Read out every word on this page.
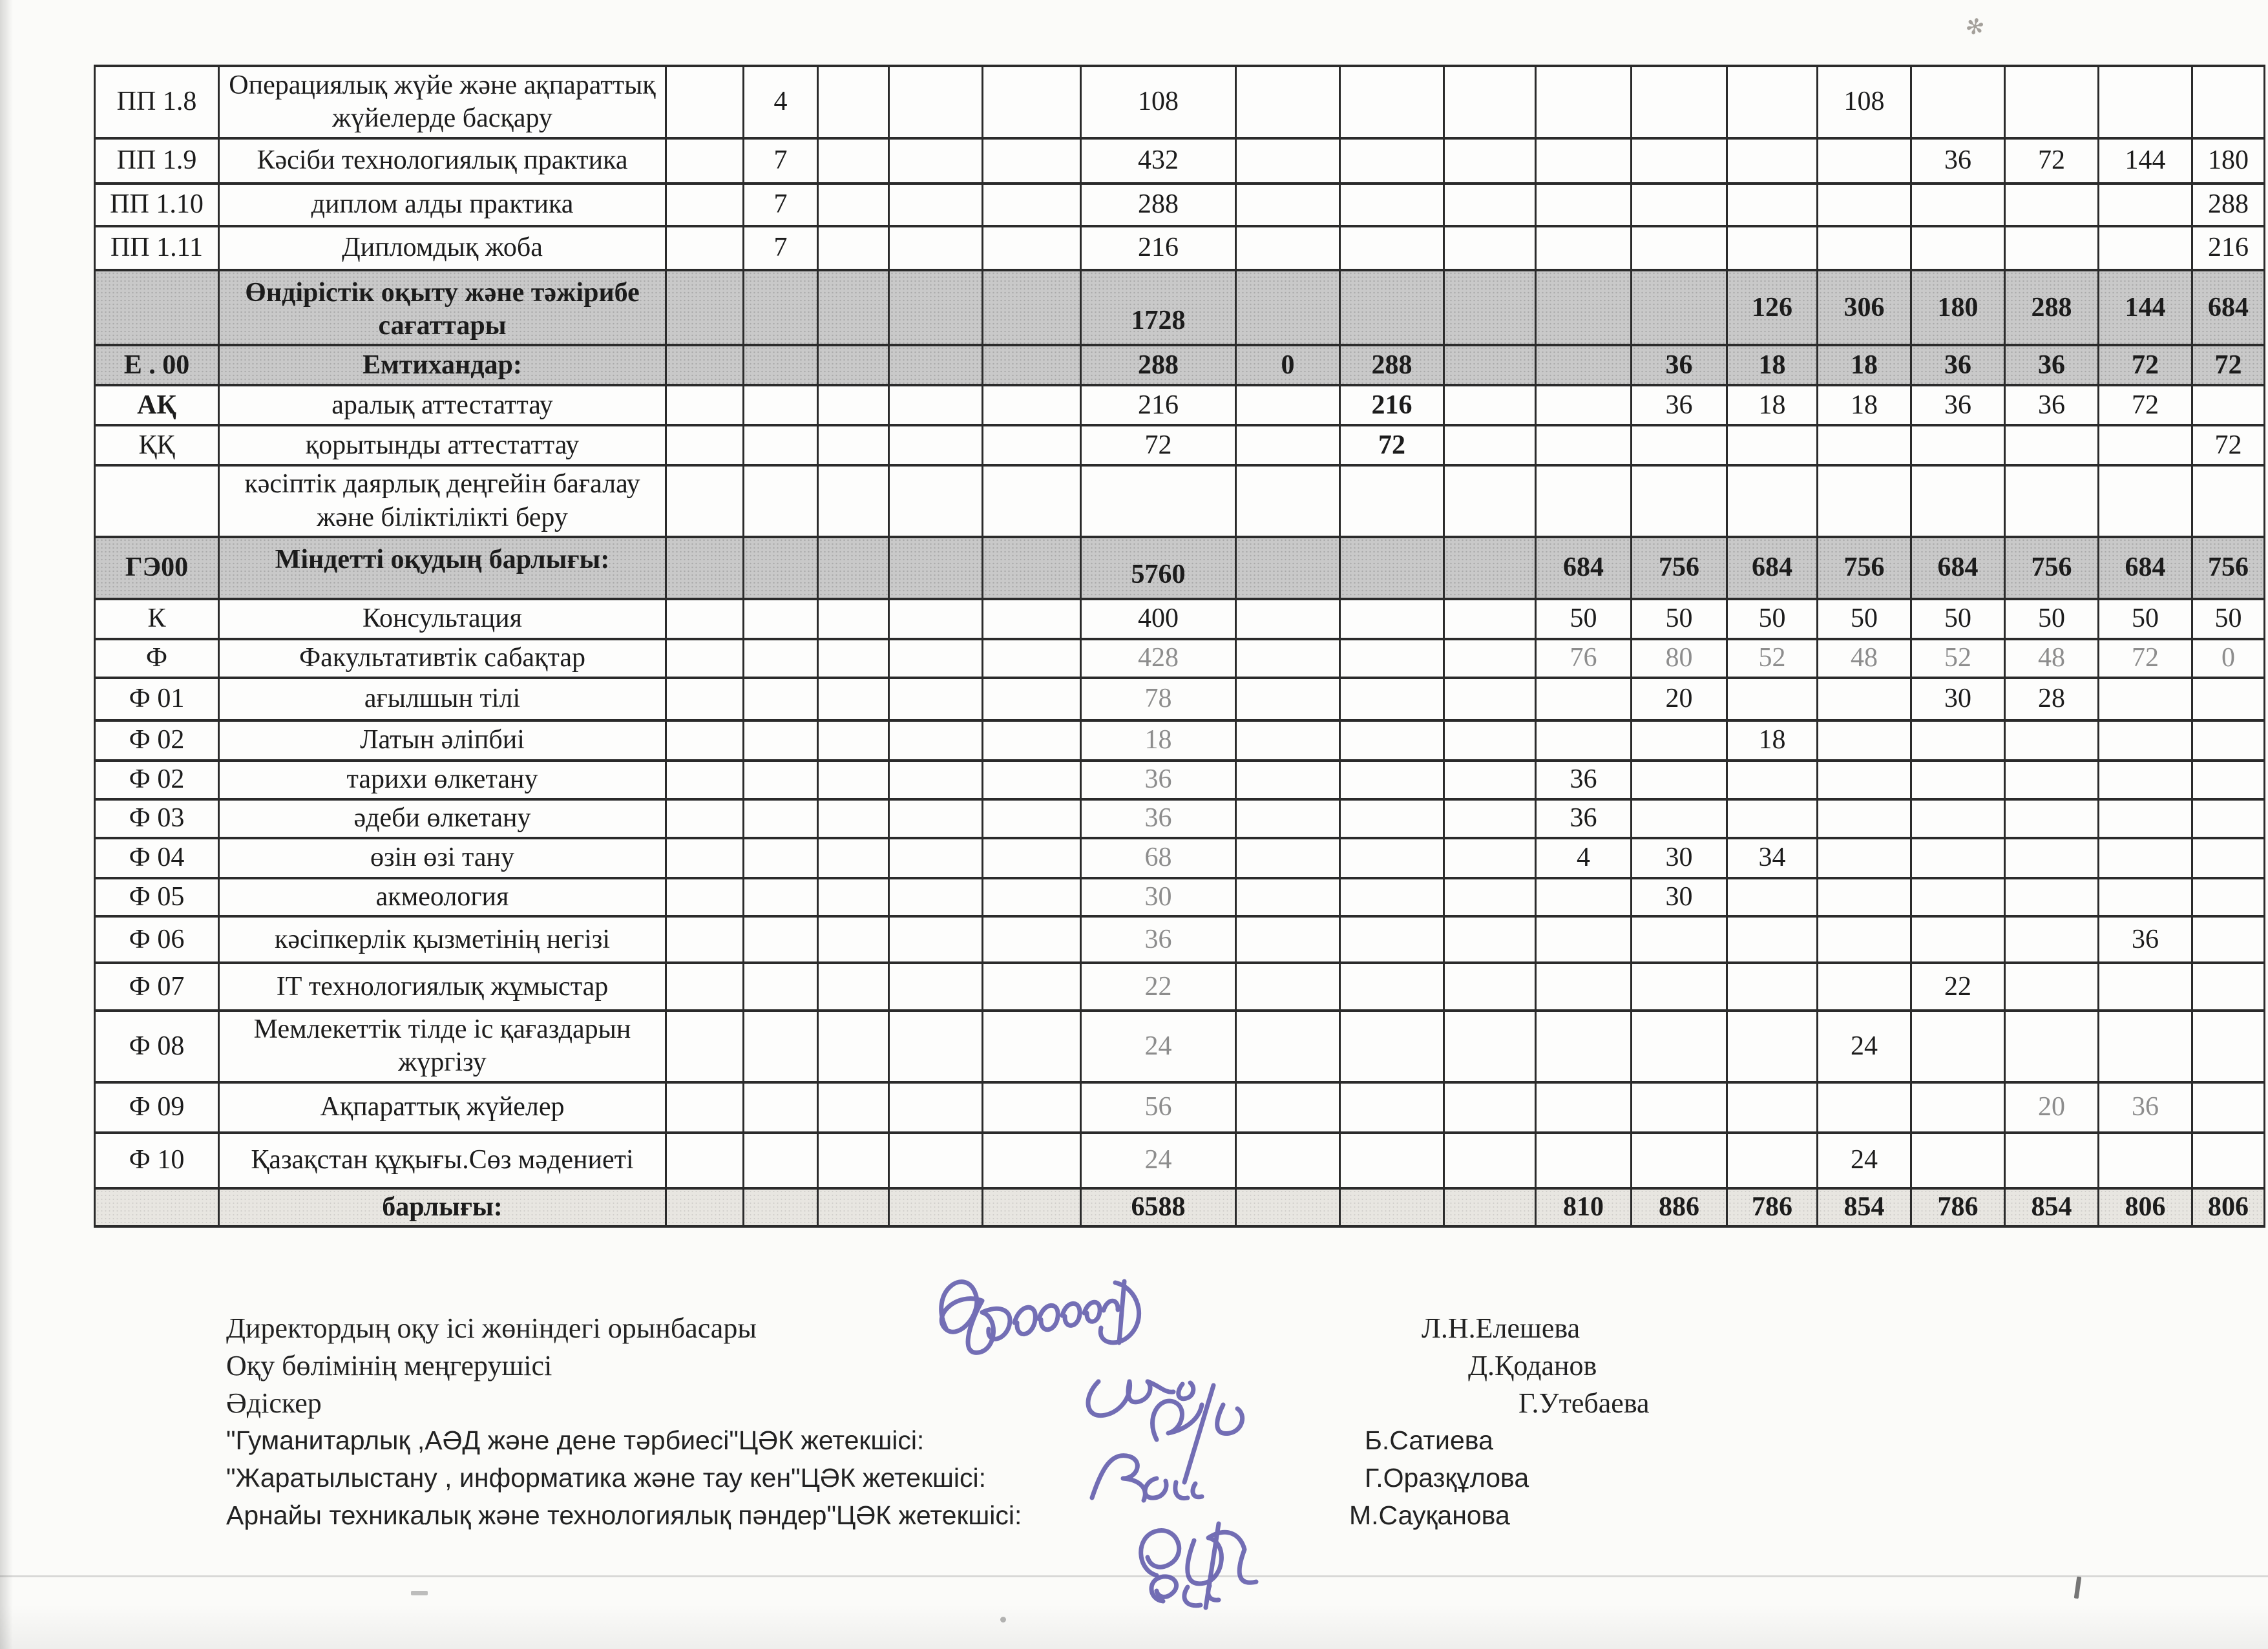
✻
ПП 1.8	Операциялық жүйе және ақпараттық жүйелерде басқару		4				108							108				
ПП 1.9	Кәсіби технологиялық практика		7				432								36	72	144	180
ПП 1.10	диплом алды практика		7				288											288
ПП 1.11	Дипломдық жоба		7				216											216
	Өндірістік оқыту және тәжірибе сағаттары						1728						126	306	180	288	144	684
Е . 00	Емтихандар:						288	0	288			36	18	18	36	36	72	72
АҚ	аралық аттестаттау						216		216			36	18	18	36	36	72	
ҚҚ	қорытынды аттестаттау						72		72									72
	кәсіптік даярлық деңгейін бағалау және біліктілікті беру																	
ГЭ00	Міндетті оқудың барлығы:						5760				684	756	684	756	684	756	684	756
К	Консультация						400				50	50	50	50	50	50	50	50
Ф	Факультативтік сабақтар						428				76	80	52	48	52	48	72	0
Ф 01	ағылшын тілі						78					20			30	28		
Ф 02	Латын әліпбиі						18						18					
Ф 02	тарихи өлкетану						36				36							
Ф 03	әдеби өлкетану						36				36							
Ф 04	өзін өзі тану						68				4	30	34					
Ф 05	акмеология						30					30						
Ф 06	кәсіпкерлік қызметінің негізі						36										36	
Ф 07	ІТ технологиялық жұмыстар						22								22			
Ф 08	Мемлекеттік тілде іс қағаздарын жүргізу						24							24				
Ф 09	Ақпараттық жүйелер						56									20	36	
Ф 10	Қазақстан құқығы.Сөз мәдениеті						24							24				
	барлығы:						6588				810	886	786	854	786	854	806	806
Директордың оқу ісі жөніндегі орынбасары	Л.Н.Елешева
Оқу бөлімінің меңгерушісі	Д.Қоданов
Әдіскер	Г.Утебаева
"Гуманитарлық ,АӘД және дене тәрбиесі"ЦӘК жетекшісі:	Б.Сатиева
"Жаратылыстану , информатика және тау кен"ЦӘК жетекшісі:	Г.Оразқұлова
Арнайы техникалық және технологиялық пәндер"ЦӘК жетекшісі:	М.Сауқанова
